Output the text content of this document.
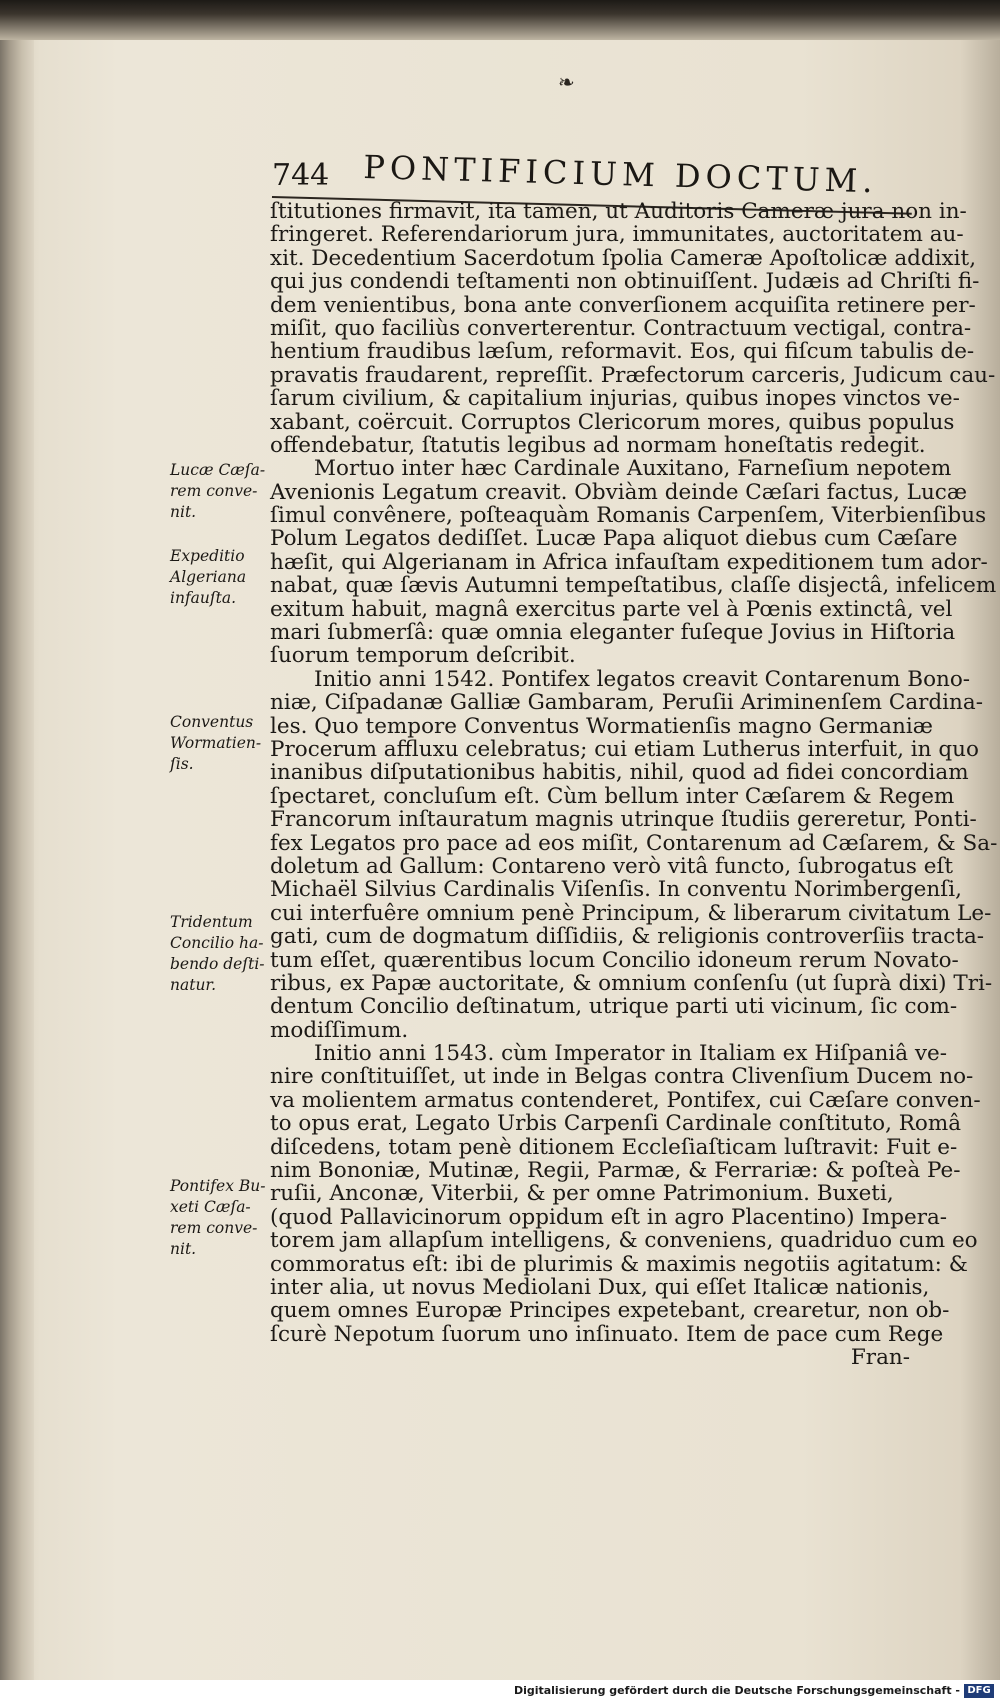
❧
744 PONTIFICIUM DOCTUM.
ſtitutiones firmavit, ita tamen, ut Auditoris Cameræ jura non in-
fringeret. Referendariorum jura, immunitates, auctoritatem au-
xit. Decedentium Sacerdotum ſpolia Cameræ Apoſtolicæ addixit,
qui jus condendi teſtamenti non obtinuiſſent. Judæis ad Chriſti fi-
dem venientibus, bona ante converſionem acquiſita retinere per-
miſit, quo faciliùs converterentur. Contractuum vectigal, contra-
hentium fraudibus læſum, reformavit. Eos, qui fiſcum tabulis de-
pravatis fraudarent, repreſſit. Præfectorum carceris, Judicum cau-
ſarum civilium, & capitalium injurias, quibus inopes vinctos ve-
xabant, coërcuit. Corruptos Clericorum mores, quibus populus
offendebatur, ſtatutis legibus ad normam honeſtatis redegit.
Mortuo inter hæc Cardinale Auxitano, Farneſium nepotem
Avenionis Legatum creavit. Obviàm deinde Cæſari factus, Lucæ
ſimul convênere, poſteaquàm Romanis Carpenſem, Viterbienſibus
Polum Legatos dediſſet. Lucæ Papa aliquot diebus cum Cæſare
hæſit, qui Algerianam in Africa infauſtam expeditionem tum ador-
nabat, quæ ſævis Autumni tempeſtatibus, claſſe disjectâ, infelicem
exitum habuit, magnâ exercitus parte vel à Pœnis extinctâ, vel
mari ſubmerſâ: quæ omnia eleganter fuſeque Jovius in Hiſtoria
ſuorum temporum deſcribit.
Initio anni 1542. Pontifex legatos creavit Contarenum Bono-
niæ, Ciſpadanæ Galliæ Gambaram, Peruſii Ariminenſem Cardina-
les. Quo tempore Conventus Wormatienſis magno Germaniæ
Procerum affluxu celebratus; cui etiam Lutherus interfuit, in quo
inanibus diſputationibus habitis, nihil, quod ad fidei concordiam
ſpectaret, concluſum eſt. Cùm bellum inter Cæſarem & Regem
Francorum inſtauratum magnis utrinque ſtudiis gereretur, Ponti-
fex Legatos pro pace ad eos miſit, Contarenum ad Cæſarem, & Sa-
doletum ad Gallum: Contareno verò vitâ functo, ſubrogatus eſt
Michaël Silvius Cardinalis Viſenſis. In conventu Norimbergenſi,
cui interfuêre omnium penè Principum, & liberarum civitatum Le-
gati, cum de dogmatum diſſidiis, & religionis controverſiis tracta-
tum eſſet, quærentibus locum Concilio idoneum rerum Novato-
ribus, ex Papæ auctoritate, & omnium conſenſu (ut ſuprà dixi) Tri-
dentum Concilio deſtinatum, utrique parti uti vicinum, ſic com-
modiſſimum.
Initio anni 1543. cùm Imperator in Italiam ex Hiſpaniâ ve-
nire conſtituiſſet, ut inde in Belgas contra Clivenſium Ducem no-
va molientem armatus contenderet, Pontifex, cui Cæſare conven-
to opus erat, Legato Urbis Carpenſi Cardinale conſtituto, Româ
diſcedens, totam penè ditionem Eccleſiaſticam luſtravit: Fuit e-
nim Bononiæ, Mutinæ, Regii, Parmæ, & Ferrariæ: & poſteà Pe-
ruſii, Anconæ, Viterbii, & per omne Patrimonium. Buxeti,
(quod Pallavicinorum oppidum eſt in agro Placentino) Impera-
torem jam allapſum intelligens, & conveniens, quadriduo cum eo
commoratus eſt: ibi de plurimis & maximis negotiis agitatum: &
inter alia, ut novus Mediolani Dux, qui eſſet Italicæ nationis,
quem omnes Europæ Principes expetebant, crearetur, non ob-
ſcurè Nepotum ſuorum uno inſinuato. Item de pace cum Rege
Fran-
Lucæ Cæſa-
rem conve-
nit.
Expeditio
Algeriana
infauſta.
Conventus
Wormatien-
ſis.
Tridentum
Concilio ha-
bendo deſti-
natur.
Pontifex Bu-
xeti Cæſa-
rem conve-
nit.
Digitalisierung gefördert durch die Deutsche Forschungsgemeinschaft - DFG
